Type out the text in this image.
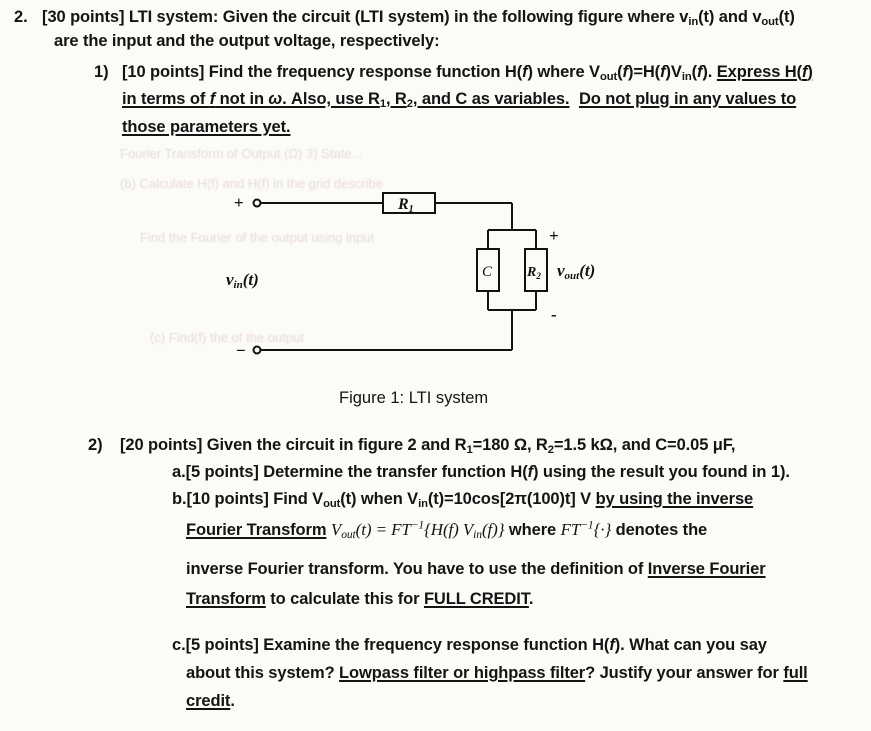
Fourier Transform of Output (Ω) 3) State...
Find the Fourier of the output using input
(b) Calculate H(f) and H(f) in the grid describe
(c) Find(f) the of the output
2. [30 points] LTI system: Given the circuit (LTI system) in the following figure where $v_{in}(t)$ and $v_{out}(t)$
are the input and the output voltage, respectively:
1) [10 points] Find the frequency response function H(f) where $V_{out}(f)=H(f)V_{in}(f)$. Express H(f)
in terms of f not in ω. Also, use $R_1$, $R_2$, and C as variables. Do not plug in any values to
those parameters yet.
+
−
vin(t)
R1
C $R_2$
+
-
vout(t)
Figure 1: LTI system
2) [20 points] Given the circuit in figure 2 and $R_1=180$ Ω, $R_2=1.5$ kΩ, and C=0.05 μF,
a.[5 points] Determine the transfer function H(f) using the result you found in 1).
b.[10 points] Find $V_{out}(t)$ when $V_{in}(t)=10\cos[2\pi(100)t]$ V by using the inverse
Fourier Transform $V_{out}(t) = FT^{-1}\{H(f)$ $V_{in}(f)$} where $FT^{-1}\{\cdot\}$ denotes the
inverse Fourier transform. You have to use the definition of Inverse Fourier
Transform to calculate this for FULL CREDIT.
c.[5 points] Examine the frequency response function H(f). What can you say
about this system? Lowpass filter or highpass filter? Justify your answer for full
credit.
